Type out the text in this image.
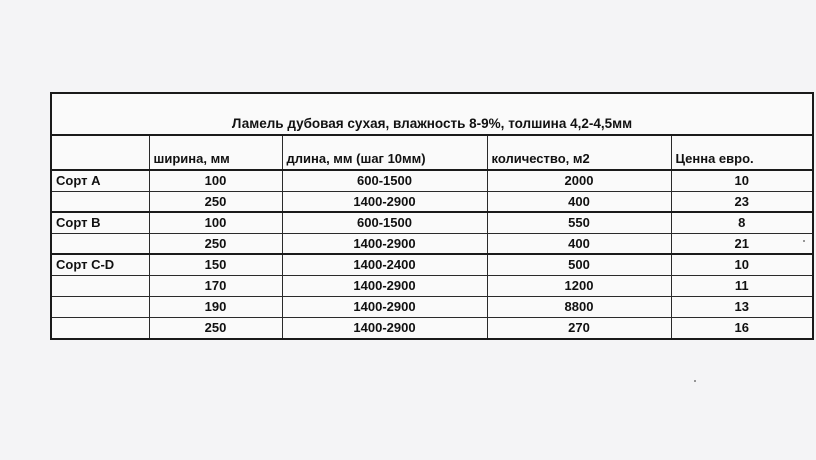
Ламель дубовая сухая, влажность 8-9%, толшина 4,2-4,5мм
	ширина, мм	длина, мм (шаг 10мм)	количество, м2	Ценна евро.
Сорт А	100	600-1500	2000	10
	250	1400-2900	400	23
Сорт В	100	600-1500	550	8
	250	1400-2900	400	21
Сорт С-D	150	1400-2400	500	10
	170	1400-2900	1200	11
	190	1400-2900	8800	13
	250	1400-2900	270	16
